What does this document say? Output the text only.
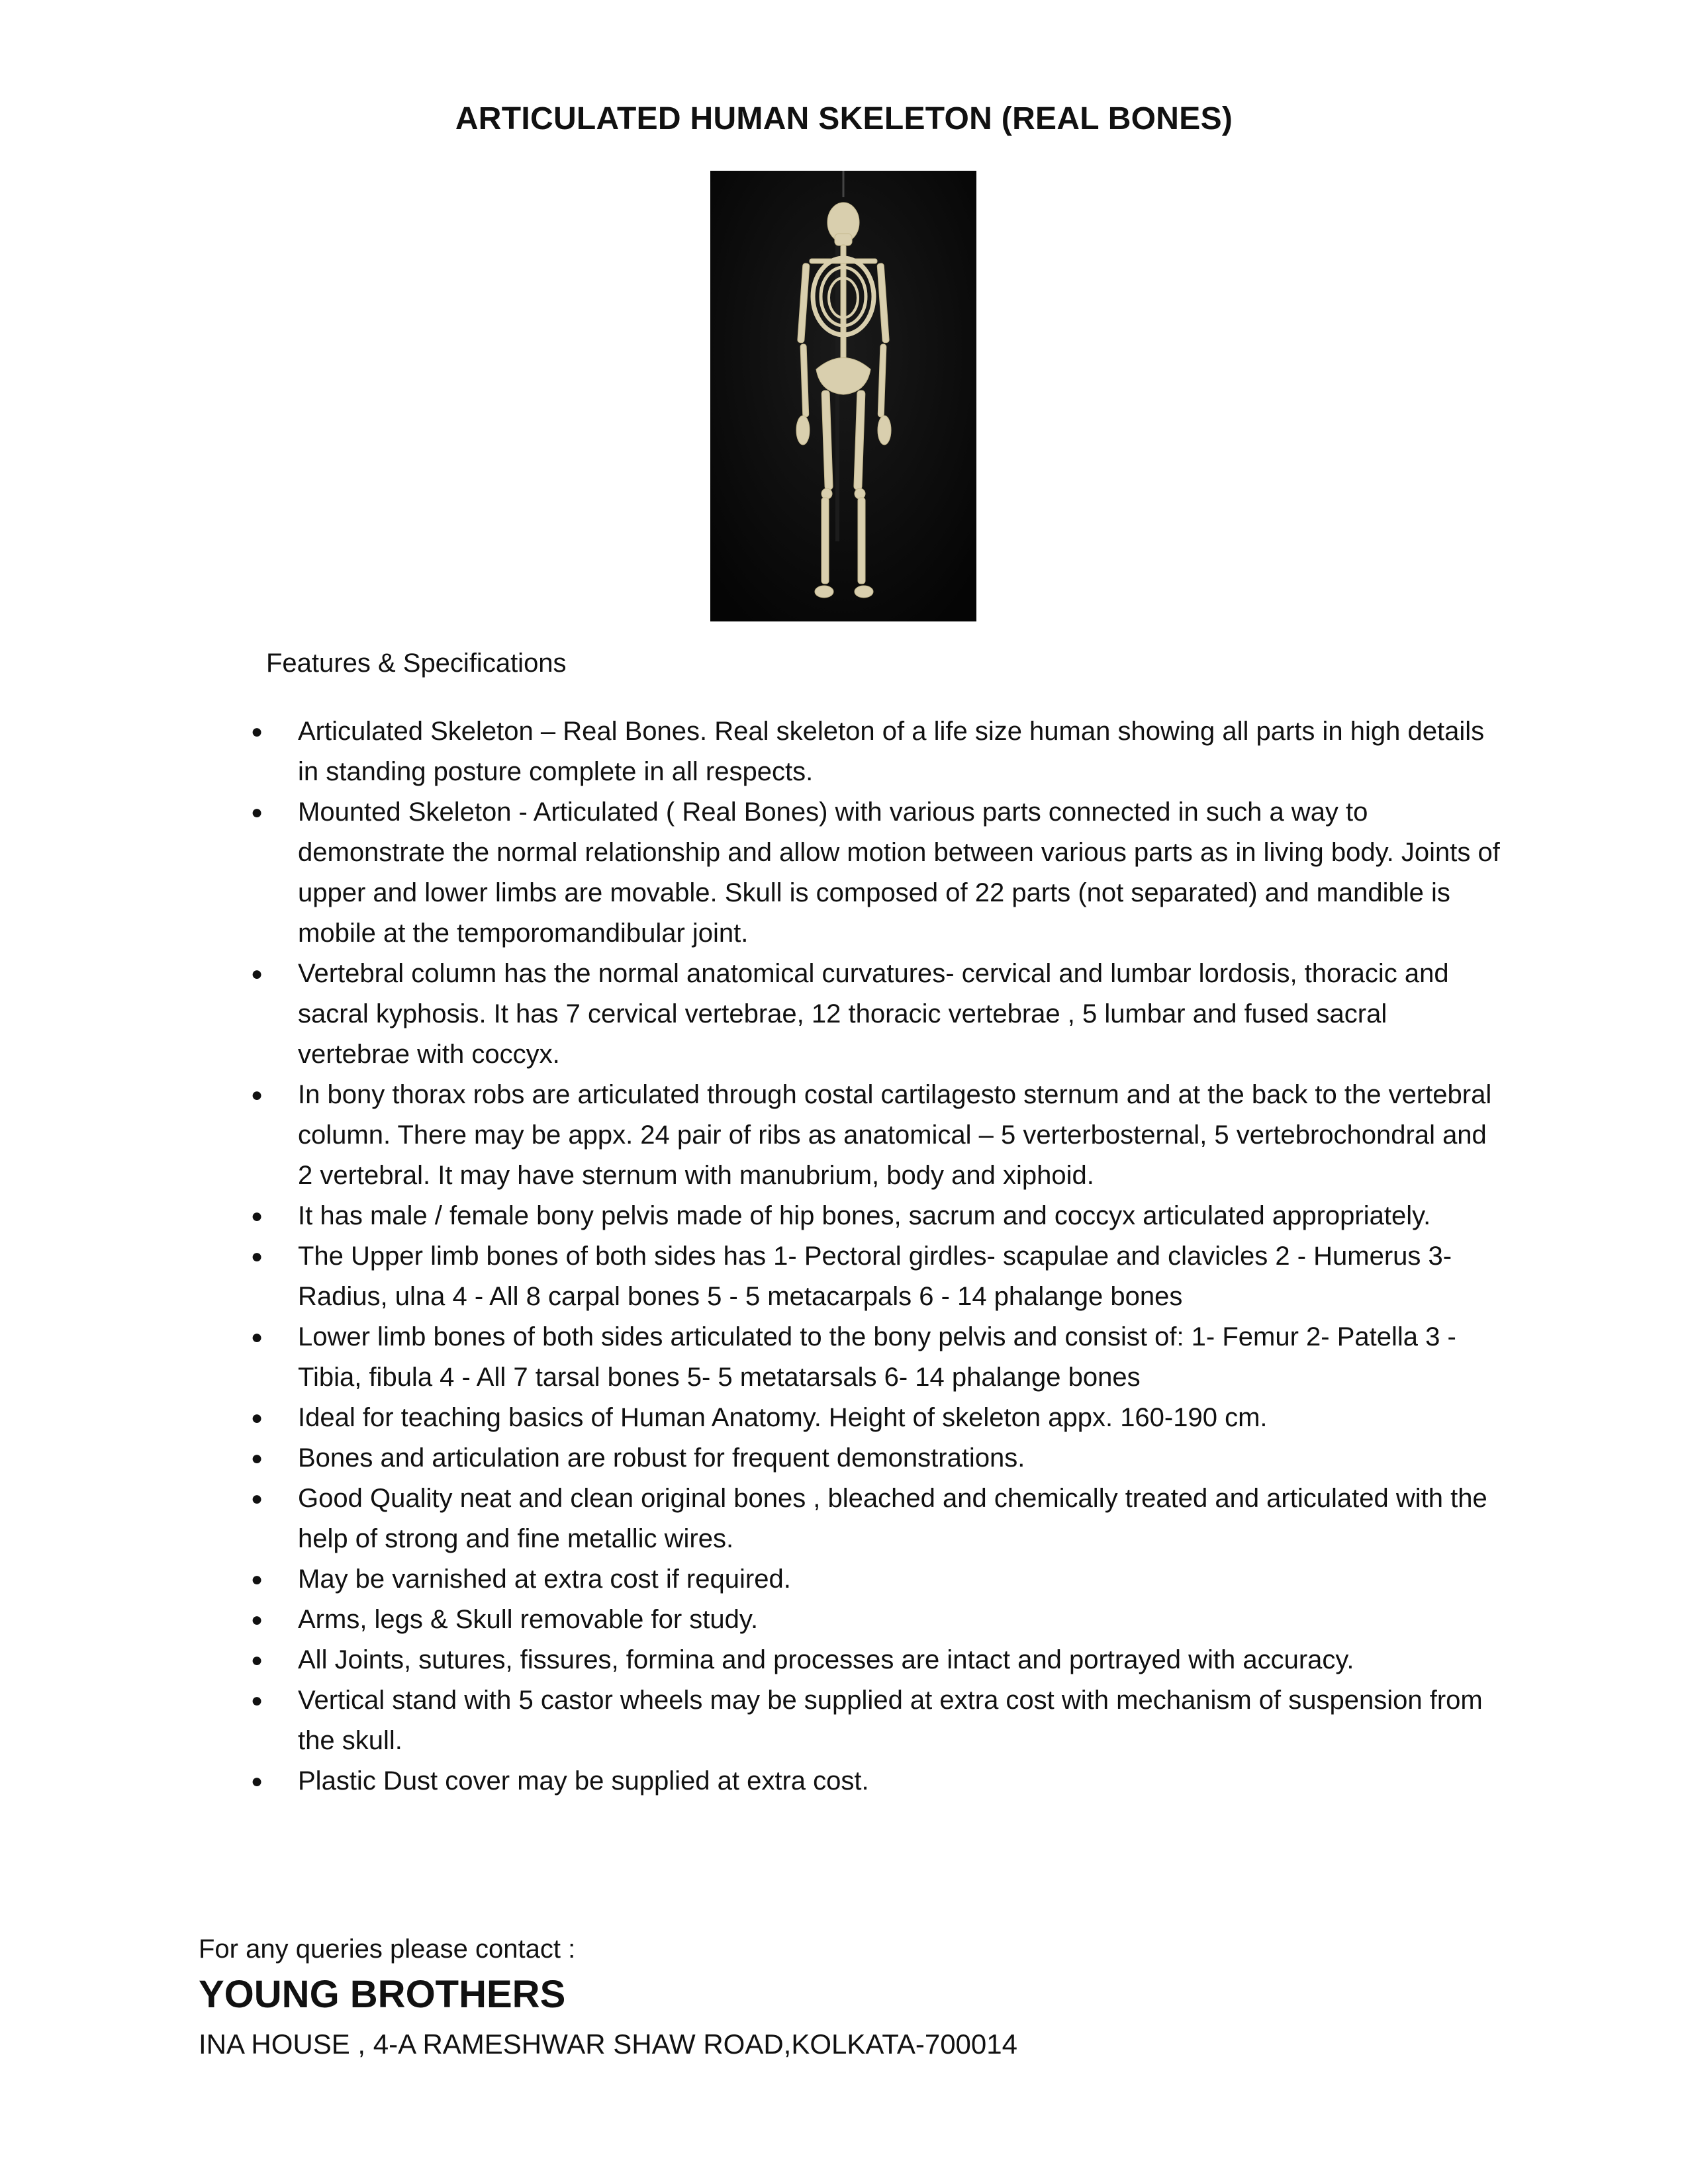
ARTICULATED HUMAN SKELETON (REAL BONES)
Features & Specifications
● Articulated Skeleton – Real Bones. Real skeleton of a life size human showing all parts in high details in standing posture complete in all respects.
● Mounted Skeleton - Articulated ( Real Bones) with various parts connected in such a way to demonstrate the normal relationship and allow motion between various parts as in living body. Joints of upper and lower limbs are movable. Skull is composed of 22 parts (not separated) and mandible is mobile at the temporomandibular joint.
● Vertebral column has the normal anatomical curvatures- cervical and lumbar lordosis, thoracic and sacral kyphosis. It has 7 cervical vertebrae, 12 thoracic vertebrae , 5 lumbar and fused sacral vertebrae with coccyx.
● In bony thorax robs are articulated through costal cartilagesto sternum and at the back to the vertebral column. There may be appx. 24 pair of ribs as anatomical – 5 verterbosternal, 5 vertebrochondral and 2 vertebral. It may have sternum with manubrium, body and xiphoid.
● It has male / female bony pelvis made of hip bones, sacrum and coccyx articulated appropriately.
● The Upper limb bones of both sides has 1- Pectoral girdles- scapulae and clavicles 2 - Humerus 3- Radius, ulna 4 - All 8 carpal bones 5 - 5 metacarpals 6 - 14 phalange bones
● Lower limb bones of both sides articulated to the bony pelvis and consist of: 1- Femur 2- Patella 3 - Tibia, fibula 4 - All 7 tarsal bones 5- 5 metatarsals 6- 14 phalange bones
● Ideal for teaching basics of Human Anatomy. Height of skeleton appx. 160-190 cm.
● Bones and articulation are robust for frequent demonstrations.
● Good Quality neat and clean original bones , bleached and chemically treated and articulated with the help of strong and fine metallic wires.
● May be varnished at extra cost if required.
● Arms, legs & Skull removable for study.
● All Joints, sutures, fissures, formina and processes are intact and portrayed with accuracy.
● Vertical stand with 5 castor wheels may be supplied at extra cost with mechanism of suspension from the skull.
● Plastic Dust cover may be supplied at extra cost.
For any queries please contact :
YOUNG BROTHERS
INA HOUSE , 4-A RAMESHWAR SHAW ROAD,KOLKATA-700014
